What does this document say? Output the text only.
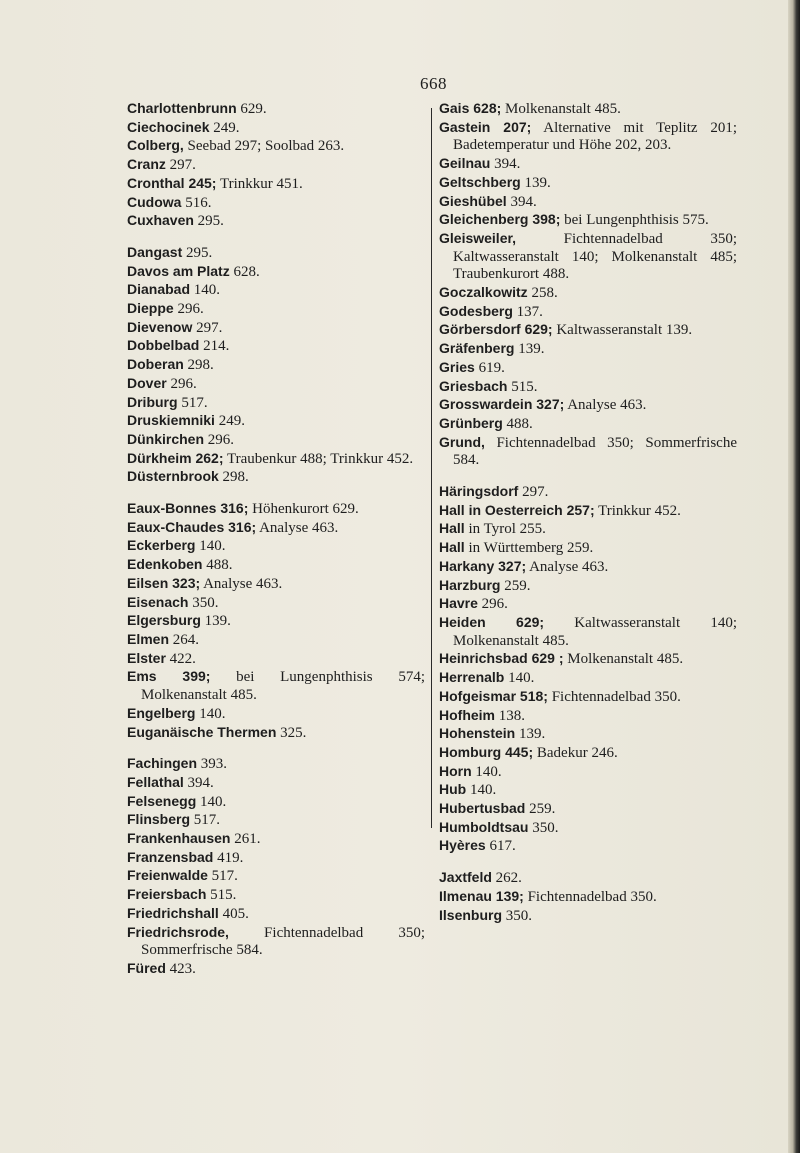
668
Charlottenbrunn 629.
Ciechocinek 249.
Colberg, Seebad 297; Soolbad 263.
Cranz 297.
Cronthal 245; Trinkkur 451.
Cudowa 516.
Cuxhaven 295.
Dangast 295.
Davos am Platz 628.
Dianabad 140.
Dieppe 296.
Dievenow 297.
Dobbelbad 214.
Doberan 298.
Dover 296.
Driburg 517.
Druskiemniki 249.
Dünkirchen 296.
Dürkheim 262; Traubenkur 488; Trinkkur 452.
Düsternbrook 298.
Eaux-Bonnes 316; Höhenkurort 629.
Eaux-Chaudes 316; Analyse 463.
Eckerberg 140.
Edenkoben 488.
Eilsen 323; Analyse 463.
Eisenach 350.
Elgersburg 139.
Elmen 264.
Elster 422.
Ems 399; bei Lungenphthisis 574; Molkenanstalt 485.
Engelberg 140.
Euganäische Thermen 325.
Fachingen 393.
Fellathal 394.
Felsenegg 140.
Flinsberg 517.
Frankenhausen 261.
Franzensbad 419.
Freienwalde 517.
Freiersbach 515.
Friedrichshall 405.
Friedrichsrode, Fichtennadelbad 350; Sommerfrische 584.
Füred 423.
Gais 628; Molkenanstalt 485.
Gastein 207; Alternative mit Teplitz 201; Badetemperatur und Höhe 202, 203.
Geilnau 394.
Geltschberg 139.
Gieshübel 394.
Gleichenberg 398; bei Lungenphthisis 575.
Gleisweiler, Fichtennadelbad 350; Kaltwasseranstalt 140; Molkenanstalt 485; Traubenkurort 488.
Goczalkowitz 258.
Godesberg 137.
Görbersdorf 629; Kaltwasseranstalt 139.
Gräfenberg 139.
Gries 619.
Griesbach 515.
Grosswardein 327; Analyse 463.
Grünberg 488.
Grund, Fichtennadelbad 350; Sommerfrische 584.
Häringsdorf 297.
Hall in Oesterreich 257; Trinkkur 452.
Hall in Tyrol 255.
Hall in Württemberg 259.
Harkany 327; Analyse 463.
Harzburg 259.
Havre 296.
Heiden 629; Kaltwasseranstalt 140; Molkenanstalt 485.
Heinrichsbad 629 ; Molkenanstalt 485.
Herrenalb 140.
Hofgeismar 518; Fichtennadelbad 350.
Hofheim 138.
Hohenstein 139.
Homburg 445; Badekur 246.
Horn 140.
Hub 140.
Hubertusbad 259.
Humboldtsau 350.
Hyères 617.
Jaxtfeld 262.
Ilmenau 139; Fichtennadelbad 350.
Ilsenburg 350.
